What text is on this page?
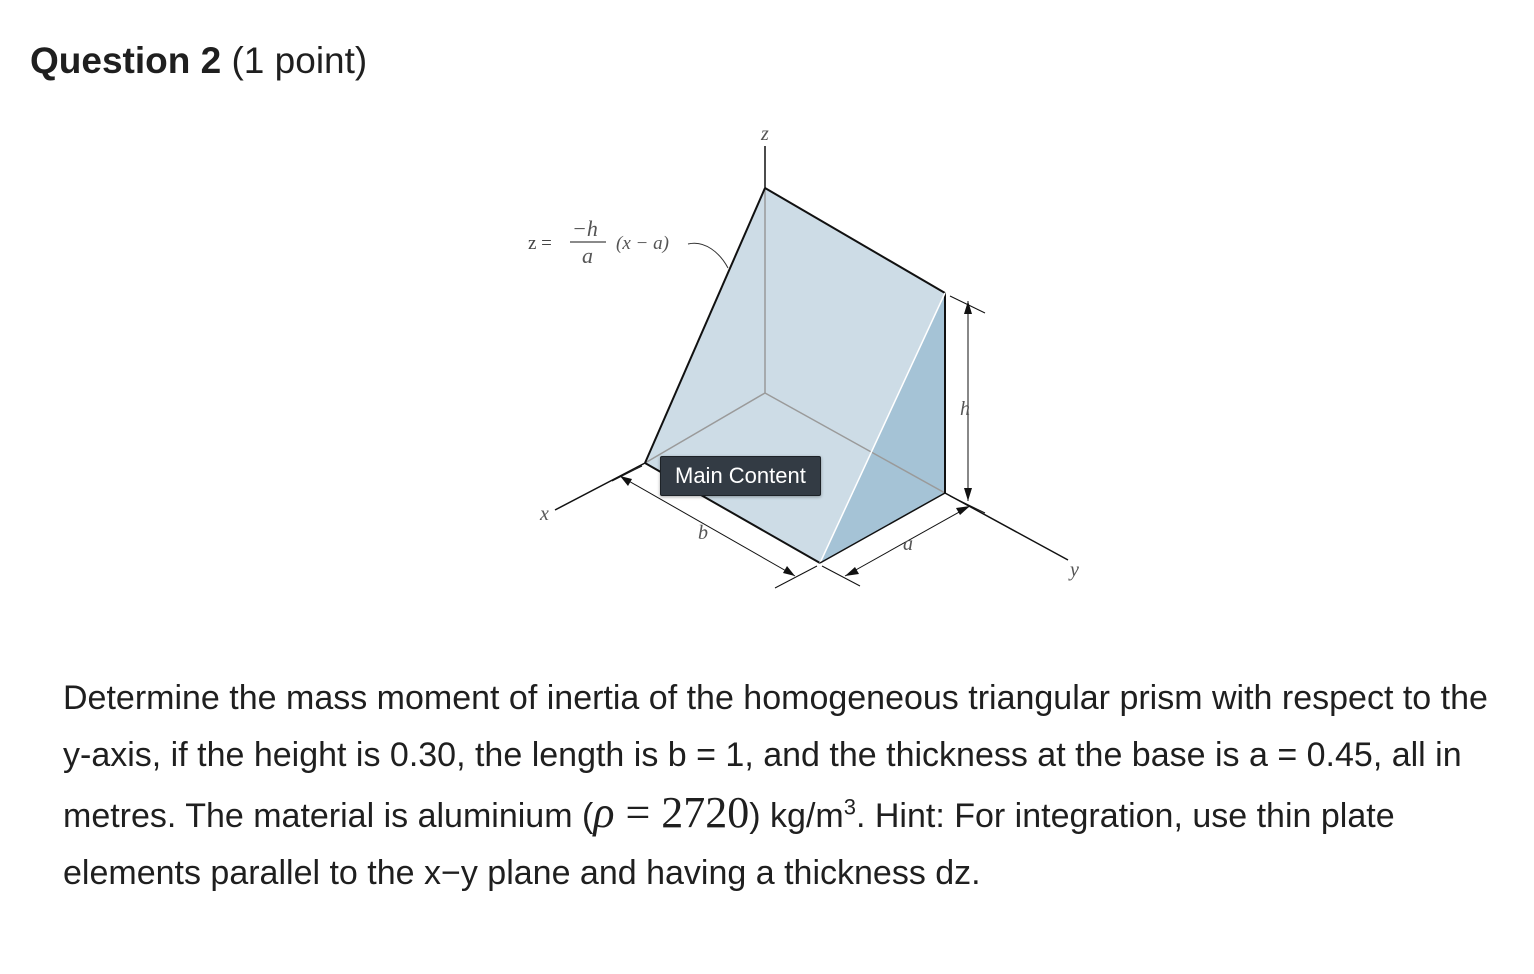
Question 2 (1 point)
z
x
y
h
b	a
z =
−h
a (x − a)
Main Content
Determine the mass moment of inertia of the homogeneous triangular prism with respect to the y-axis, if the height is 0.30, the length is b = 1, and the thickness at the base is a = 0.45, all in metres. The material is aluminium (ρ = 2720) $kg/m^3$. Hint: For integration, use thin plate elements parallel to the x−y plane and having a thickness dz.
